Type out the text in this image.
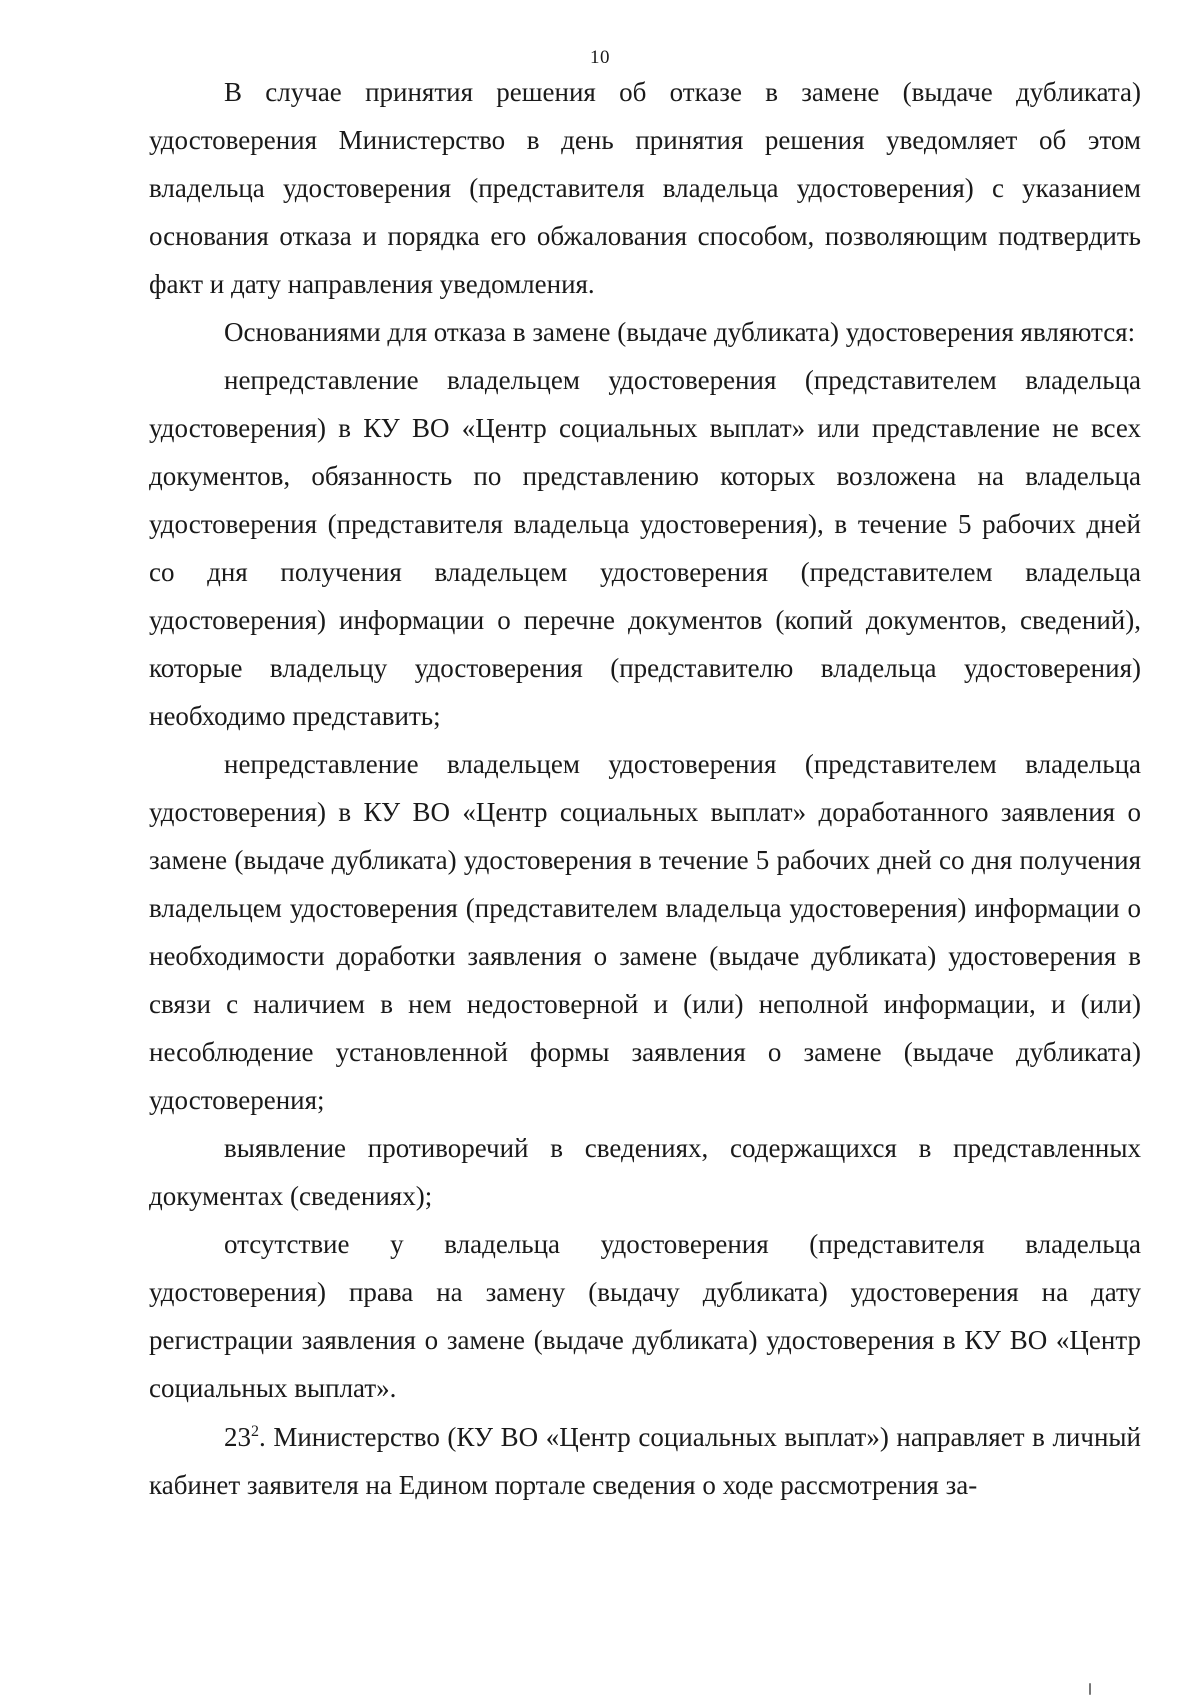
10

В случае принятия решения об отказе в замене (выдаче дубликата) удостоверения Министерство в день принятия решения уведомляет об этом владельца удостоверения (представителя владельца удостоверения) с указанием основания отказа и порядка его обжалования способом, позволяющим подтвердить факт и дату направления уведомления.

Основаниями для отказа в замене (выдаче дубликата) удостоверения являются:

непредставление владельцем удостоверения (представителем владельца удостоверения) в КУ ВО «Центр социальных выплат» или представление не всех документов, обязанность по представлению которых возложена на владельца удостоверения (представителя владельца удостоверения), в течение 5 рабочих дней со дня получения владельцем удостоверения (представителем владельца удостоверения) информации о перечне документов (копий документов, сведений), которые владельцу удостоверения (представителю владельца удостоверения) необходимо представить;

непредставление владельцем удостоверения (представителем владельца удостоверения) в КУ ВО «Центр социальных выплат» доработанного заявления о замене (выдаче дубликата) удостоверения в течение 5 рабочих дней со дня получения владельцем удостоверения (представителем владельца удостоверения) информации о необходимости доработки заявления о замене (выдаче дубликата) удостоверения в связи с наличием в нем недостоверной и (или) неполной информации, и (или) несоблюдение установленной формы заявления о замене (выдаче дубликата) удостоверения;

выявление противоречий в сведениях, содержащихся в представленных документах (сведениях);

отсутствие у владельца удостоверения (представителя владельца удостоверения) права на замену (выдачу дубликата) удостоверения на дату регистрации заявления о замене (выдаче дубликата) удостоверения в КУ ВО «Центр социальных выплат».

$23^2$. Министерство (КУ ВО «Центр социальных выплат») направляет в личный кабинет заявителя на Едином портале сведения о ходе рассмотрения за-
